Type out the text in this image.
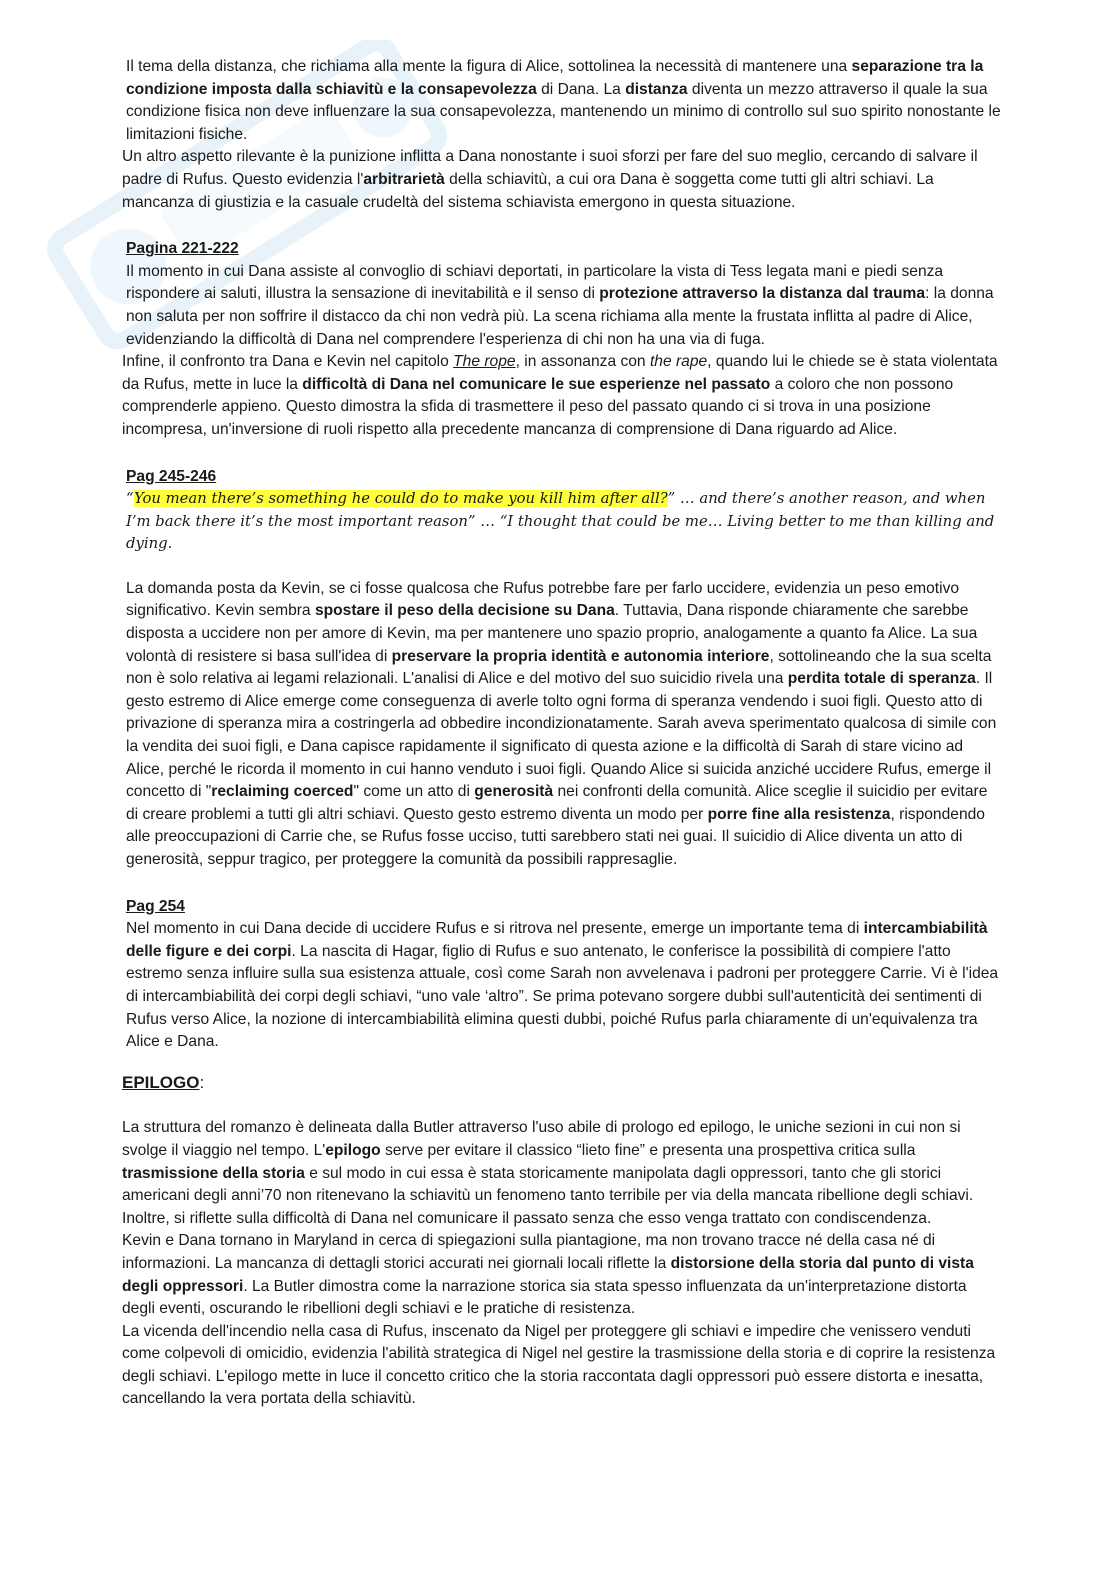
Il tema della distanza, che richiama alla mente la figura di Alice, sottolinea la necessità di mantenere una separazione tra la condizione imposta dalla schiavitù e la consapevolezza di Dana. La distanza diventa un mezzo attraverso il quale la sua condizione fisica non deve influenzare la sua consapevolezza, mantenendo un minimo di controllo sul suo spirito nonostante le limitazioni fisiche.

Un altro aspetto rilevante è la punizione inflitta a Dana nonostante i suoi sforzi per fare del suo meglio, cercando di salvare il padre di Rufus. Questo evidenzia l'arbitrarietà della schiavitù, a cui ora Dana è soggetta come tutti gli altri schiavi. La mancanza di giustizia e la casuale crudeltà del sistema schiavista emergono in questa situazione.

Pagina 221-222

Il momento in cui Dana assiste al convoglio di schiavi deportati, in particolare la vista di Tess legata mani e piedi senza rispondere ai saluti, illustra la sensazione di inevitabilità e il senso di protezione attraverso la distanza dal trauma: la donna non saluta per non soffrire il distacco da chi non vedrà più. La scena richiama alla mente la frustata inflitta al padre di Alice, evidenziando la difficoltà di Dana nel comprendere l'esperienza di chi non ha una via di fuga.

Infine, il confronto tra Dana e Kevin nel capitolo The rope, in assonanza con the rape, quando lui le chiede se è stata violentata da Rufus, mette in luce la difficoltà di Dana nel comunicare le sue esperienze nel passato a coloro che non possono comprenderle appieno. Questo dimostra la sfida di trasmettere il peso del passato quando ci si trova in una posizione incompresa, un'inversione di ruoli rispetto alla precedente mancanza di comprensione di Dana riguardo ad Alice.

Pag 245-246

“You mean there’s something he could do to make you kill him after all?” … and there’s another reason, and when I’m back there it’s the most important reason” … “I thought that could be me… Living better to me than killing and dying.

La domanda posta da Kevin, se ci fosse qualcosa che Rufus potrebbe fare per farlo uccidere, evidenzia un peso emotivo significativo. Kevin sembra spostare il peso della decisione su Dana. Tuttavia, Dana risponde chiaramente che sarebbe disposta a uccidere non per amore di Kevin, ma per mantenere uno spazio proprio, analogamente a quanto fa Alice. La sua volontà di resistere si basa sull'idea di preservare la propria identità e autonomia interiore, sottolineando che la sua scelta non è solo relativa ai legami relazionali. L'analisi di Alice e del motivo del suo suicidio rivela una perdita totale di speranza. Il gesto estremo di Alice emerge come conseguenza di averle tolto ogni forma di speranza vendendo i suoi figli. Questo atto di privazione di speranza mira a costringerla ad obbedire incondizionatamente. Sarah aveva sperimentato qualcosa di simile con la vendita dei suoi figli, e Dana capisce rapidamente il significato di questa azione e la difficoltà di Sarah di stare vicino ad Alice, perché le ricorda il momento in cui hanno venduto i suoi figli. Quando Alice si suicida anziché uccidere Rufus, emerge il concetto di "reclaiming coerced" come un atto di generosità nei confronti della comunità. Alice sceglie il suicidio per evitare di creare problemi a tutti gli altri schiavi. Questo gesto estremo diventa un modo per porre fine alla resistenza, rispondendo alle preoccupazioni di Carrie che, se Rufus fosse ucciso, tutti sarebbero stati nei guai. Il suicidio di Alice diventa un atto di generosità, seppur tragico, per proteggere la comunità da possibili rappresaglie.

Pag 254

Nel momento in cui Dana decide di uccidere Rufus e si ritrova nel presente, emerge un importante tema di intercambiabilità delle figure e dei corpi. La nascita di Hagar, figlio di Rufus e suo antenato, le conferisce la possibilità di compiere l'atto estremo senza influire sulla sua esistenza attuale, così come Sarah non avvelenava i padroni per proteggere Carrie. Vi è l'idea di intercambiabilità dei corpi degli schiavi, “uno vale ‘altro”. Se prima potevano sorgere dubbi sull'autenticità dei sentimenti di Rufus verso Alice, la nozione di intercambiabilità elimina questi dubbi, poiché Rufus parla chiaramente di un'equivalenza tra Alice e Dana.

EPILOGO:

La struttura del romanzo è delineata dalla Butler attraverso l'uso abile di prologo ed epilogo, le uniche sezioni in cui non si svolge il viaggio nel tempo. L'epilogo serve per evitare il classico “lieto fine” e presenta una prospettiva critica sulla trasmissione della storia e sul modo in cui essa è stata storicamente manipolata dagli oppressori, tanto che gli storici americani degli anni’70 non ritenevano la schiavitù un fenomeno tanto terribile per via della mancata ribellione degli schiavi. Inoltre, si riflette sulla difficoltà di Dana nel comunicare il passato senza che esso venga trattato con condiscendenza.

Kevin e Dana tornano in Maryland in cerca di spiegazioni sulla piantagione, ma non trovano tracce né della casa né di informazioni. La mancanza di dettagli storici accurati nei giornali locali riflette la distorsione della storia dal punto di vista degli oppressori. La Butler dimostra come la narrazione storica sia stata spesso influenzata da un'interpretazione distorta degli eventi, oscurando le ribellioni degli schiavi e le pratiche di resistenza.

La vicenda dell'incendio nella casa di Rufus, inscenato da Nigel per proteggere gli schiavi e impedire che venissero venduti come colpevoli di omicidio, evidenzia l'abilità strategica di Nigel nel gestire la trasmissione della storia e di coprire la resistenza degli schiavi. L'epilogo mette in luce il concetto critico che la storia raccontata dagli oppressori può essere distorta e inesatta, cancellando la vera portata della schiavitù.
